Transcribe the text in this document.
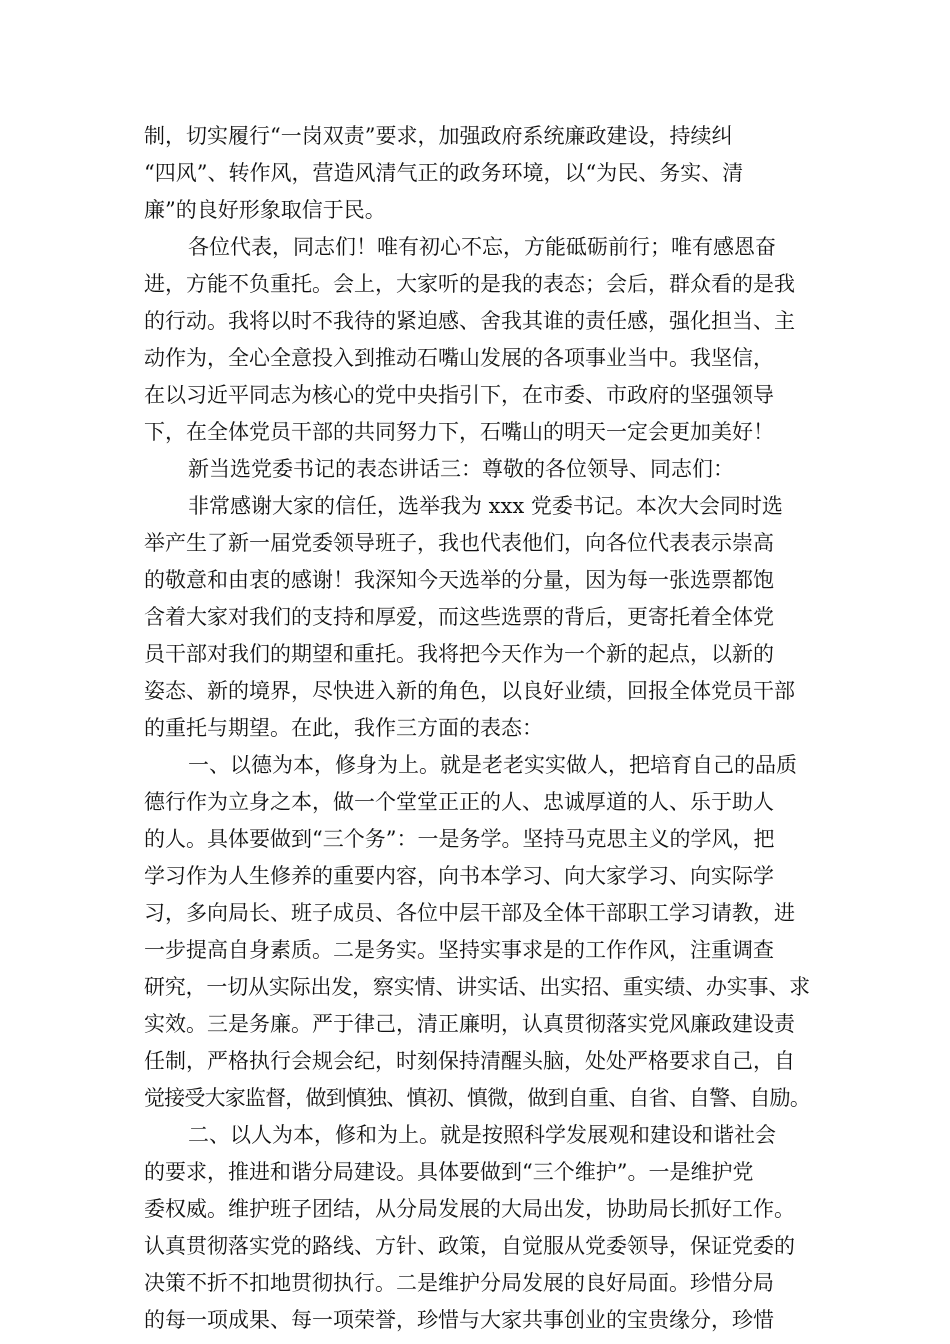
制，切实履行“一岗双责”要求，加强政府系统廉政建设，持续纠
“四风”、转作风，营造风清气正的政务环境，以“为民、务实、清
廉”的良好形象取信于民。
各位代表，同志们！唯有初心不忘，方能砥砺前行；唯有感恩奋
进，方能不负重托。会上，大家听的是我的表态；会后，群众看的是我
的行动。我将以时不我待的紧迫感、舍我其谁的责任感，强化担当、主
动作为，全心全意投入到推动石嘴山发展的各项事业当中。我坚信，
在以习近平同志为核心的党中央指引下，在市委、市政府的坚强领导
下，在全体党员干部的共同努力下，石嘴山的明天一定会更加美好！
新当选党委书记的表态讲话三：尊敬的各位领导、同志们：
非常感谢大家的信任，选举我为 xxx 党委书记。本次大会同时选
举产生了新一届党委领导班子，我也代表他们，向各位代表表示崇高
的敬意和由衷的感谢！我深知今天选举的分量，因为每一张选票都饱
含着大家对我们的支持和厚爱，而这些选票的背后，更寄托着全体党
员干部对我们的期望和重托。我将把今天作为一个新的起点，以新的
姿态、新的境界，尽快进入新的角色，以良好业绩，回报全体党员干部
的重托与期望。在此，我作三方面的表态：
一、以德为本，修身为上。就是老老实实做人，把培育自己的品质
德行作为立身之本，做一个堂堂正正的人、忠诚厚道的人、乐于助人
的人。具体要做到“三个务”：一是务学。坚持马克思主义的学风，把
学习作为人生修养的重要内容，向书本学习、向大家学习、向实际学
习，多向局长、班子成员、各位中层干部及全体干部职工学习请教，进
一步提高自身素质。二是务实。坚持实事求是的工作作风，注重调查
研究，一切从实际出发，察实情、讲实话、出实招、重实绩、办实事、求
实效。三是务廉。严于律己，清正廉明，认真贯彻落实党风廉政建设责
任制，严格执行会规会纪，时刻保持清醒头脑，处处严格要求自己，自
觉接受大家监督，做到慎独、慎初、慎微，做到自重、自省、自警、自励。
二、以人为本，修和为上。就是按照科学发展观和建设和谐社会
的要求，推进和谐分局建设。具体要做到“三个维护”。一是维护党
委权威。维护班子团结，从分局发展的大局出发，协助局长抓好工作。
认真贯彻落实党的路线、方针、政策，自觉服从党委领导，保证党委的
决策不折不扣地贯彻执行。二是维护分局发展的良好局面。珍惜分局
的每一项成果、每一项荣誉，珍惜与大家共事创业的宝贵缘分，珍惜
